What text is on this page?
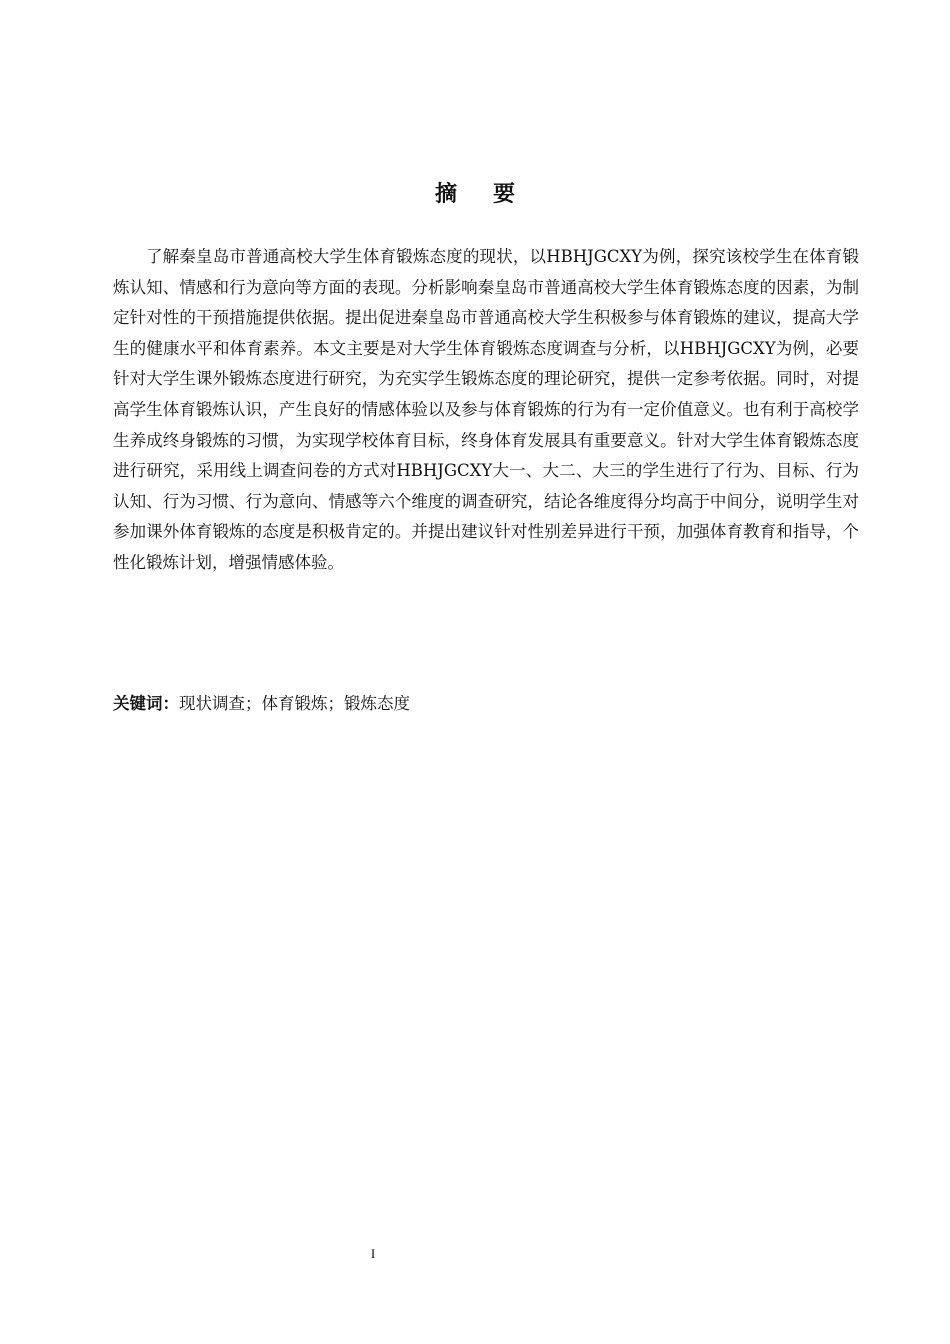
摘要

了解秦皇岛市普通高校大学生体育锻炼态度的现状，以HBHJGCXY为例，探究该校学生在体育锻炼认知、情感和行为意向等方面的表现。分析影响秦皇岛市普通高校大学生体育锻炼态度的因素，为制定针对性的干预措施提供依据。提出促进秦皇岛市普通高校大学生积极参与体育锻炼的建议，提高大学生的健康水平和体育素养。本文主要是对大学生体育锻炼态度调查与分析，以HBHJGCXY为例，必要针对大学生课外锻炼态度进行研究，为充实学生锻炼态度的理论研究，提供一定参考依据。同时，对提高学生体育锻炼认识，产生良好的情感体验以及参与体育锻炼的行为有一定价值意义。也有利于高校学生养成终身锻炼的习惯，为实现学校体育目标，终身体育发展具有重要意义。针对大学生体育锻炼态度进行研究，采用线上调查问卷的方式对HBHJGCXY大一、大二、大三的学生进行了行为、目标、行为认知、行为习惯、行为意向、情感等六个维度的调查研究，结论各维度得分均高于中间分，说明学生对参加课外体育锻炼的态度是积极肯定的。并提出建议针对性别差异进行干预，加强体育教育和指导，个性化锻炼计划，增强情感体验。

关键词：现状调查；体育锻炼；锻炼态度

I
